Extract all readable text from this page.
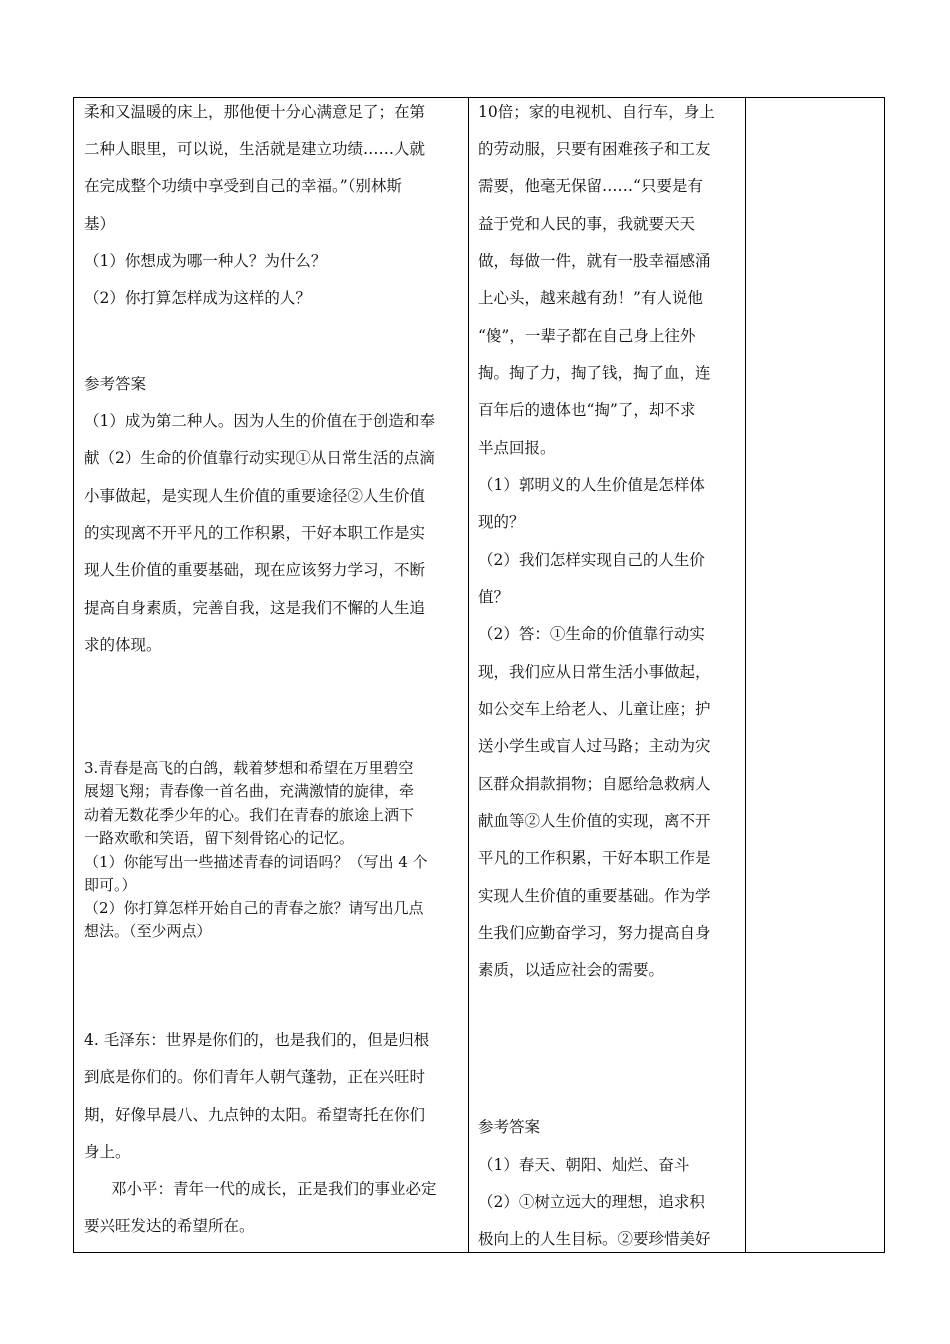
柔和又温暖的床上，那他便十分心满意足了；在第
二种人眼里，可以说，生活就是建立功绩……人就
在完成整个功绩中享受到自己的幸福。”（别林斯
基）
（1）你想成为哪一种人？为什么？
（2）你打算怎样成为这样的人？
参考答案
（1）成为第二种人。因为人生的价值在于创造和奉
献（2）生命的价值靠行动实现①从日常生活的点滴
小事做起，是实现人生价值的重要途径②人生价值
的实现离不开平凡的工作积累，干好本职工作是实
现人生价值的重要基础，现在应该努力学习，不断
提高自身素质，完善自我，这是我们不懈的人生追
求的体现。
3.青春是高飞的白鸽，载着梦想和希望在万里碧空
展翅飞翔；青春像一首名曲，充满激情的旋律，牵
动着无数花季少年的心。我们在青春的旅途上洒下
一路欢歌和笑语，留下刻骨铭心的记忆。
（1）你能写出一些描述青春的词语吗？（写出 4 个
即可。）
（2）你打算怎样开始自己的青春之旅？请写出几点
想法。（至少两点）
4. 毛泽东：世界是你们的，也是我们的，但是归根
到底是你们的。你们青年人朝气蓬勃，正在兴旺时
期，好像早晨八、九点钟的太阳。希望寄托在你们
身上。
邓小平：青年一代的成长，正是我们的事业必定
要兴旺发达的希望所在。
10倍；家的电视机、自行车，身上
的劳动服，只要有困难孩子和工友
需要，他毫无保留……“只要是有
益于党和人民的事，我就要天天
做，每做一件，就有一股幸福感涌
上心头，越来越有劲！”有人说他
“傻”，一辈子都在自己身上往外
掏。掏了力，掏了钱，掏了血，连
百年后的遗体也“掏”了，却不求
半点回报。
（1）郭明义的人生价值是怎样体
现的？
（2）我们怎样实现自己的人生价
值？
（2）答：①生命的价值靠行动实
现，我们应从日常生活小事做起，
如公交车上给老人、儿童让座；护
送小学生或盲人过马路；主动为灾
区群众捐款捐物；自愿给急救病人
献血等②人生价值的实现，离不开
平凡的工作积累，干好本职工作是
实现人生价值的重要基础。作为学
生我们应勤奋学习，努力提高自身
素质，以适应社会的需要。
参考答案
（1）春天、朝阳、灿烂、奋斗
（2）①树立远大的理想，追求积
极向上的人生目标。②要珍惜美好
